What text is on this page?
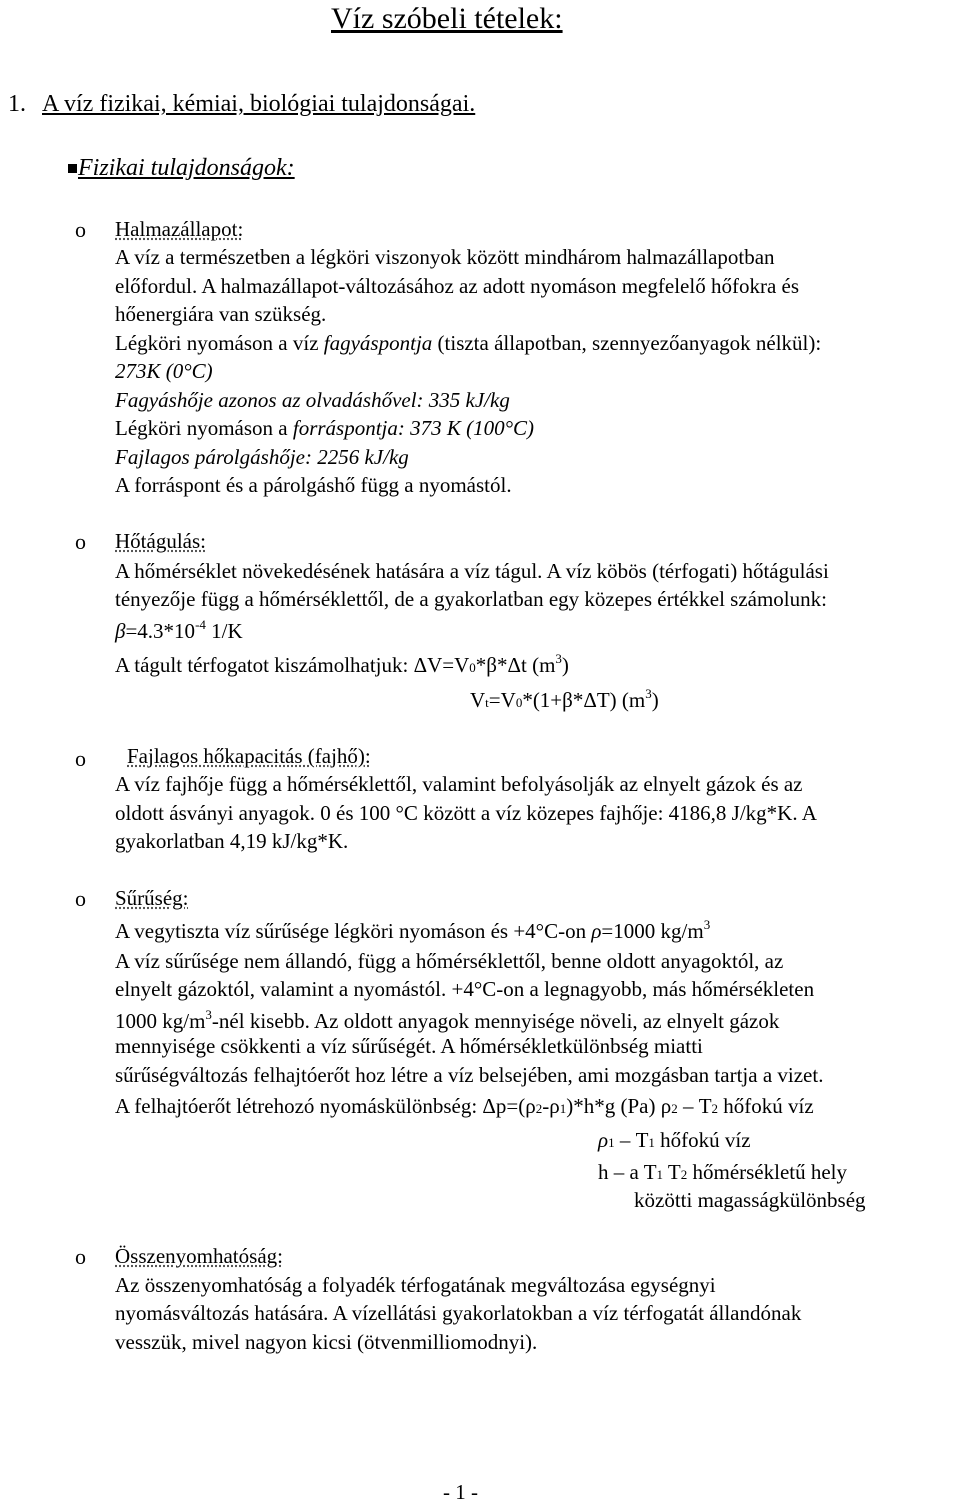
Víz szóbeli tételek:
1. A víz fizikai, kémiai, biológiai tulajdonságai.
Fizikai tulajdonságok:
o Halmazállapot:
A víz a természetben a légköri viszonyok között mindhárom halmazállapotban
előfordul. A halmazállapot-változásához az adott nyomáson megfelelő hőfokra és
hőenergiára van szükség.
Légköri nyomáson a víz fagyáspontja (tiszta állapotban, szennyezőanyagok nélkül):
273K (0°C)
Fagyáshője azonos az olvadáshővel: 335 kJ/kg
Légköri nyomáson a forráspontja: 373 K (100°C)
Fajlagos párolgáshője: 2256 kJ/kg
A forráspont és a párolgáshő függ a nyomástól.
o Hőtágulás:
A hőmérséklet növekedésének hatására a víz tágul. A víz köbös (térfogati) hőtágulási
tényezője függ a hőmérséklettől, de a gyakorlatban egy közepes értékkel számolunk:
$\beta=4.3*10^{-4}$ 1/K
A tágult térfogatot kiszámolhatjuk: ΔV=V0*β*Δt $(m^3)$
Vt=V0*(1+β*ΔT) $(m^3)$
o Fajlagos hőkapacitás (fajhő):
A víz fajhője függ a hőmérséklettől, valamint befolyásolják az elnyelt gázok és az
oldott ásványi anyagok. 0 és 100 °C között a víz közepes fajhője: 4186,8 J/kg*K. A
gyakorlatban 4,19 kJ/kg*K.
o Sűrűség:
A vegytiszta víz sűrűsége légköri nyomáson és +4°C-on ρ=1000 $kg/m^3$
A víz sűrűsége nem állandó, függ a hőmérséklettől, benne oldott anyagoktól, az
elnyelt gázoktól, valamint a nyomástól. +4°C-on a legnagyobb, más hőmérsékleten
1000 $kg/m^3$-nél kisebb. Az oldott anyagok mennyisége növeli, az elnyelt gázok
mennyisége csökkenti a víz sűrűségét. A hőmérsékletkülönbség miatti
sűrűségváltozás felhajtóerőt hoz létre a víz belsejében, ami mozgásban tartja a vizet.
A felhajtóerőt létrehozó nyomáskülönbség: Δp=(ρ2-ρ1)*h*g (Pa) ρ2 – T2 hőfokú víz
ρ1 – T1 hőfokú víz
h – a T1 T2 hőmérsékletű hely
közötti magasságkülönbség
o Összenyomhatóság:
Az összenyomhatóság a folyadék térfogatának megváltozása egységnyi
nyomásváltozás hatására. A vízellátási gyakorlatokban a víz térfogatát állandónak
vesszük, mivel nagyon kicsi (ötvenmilliomodnyi).
- 1 -
